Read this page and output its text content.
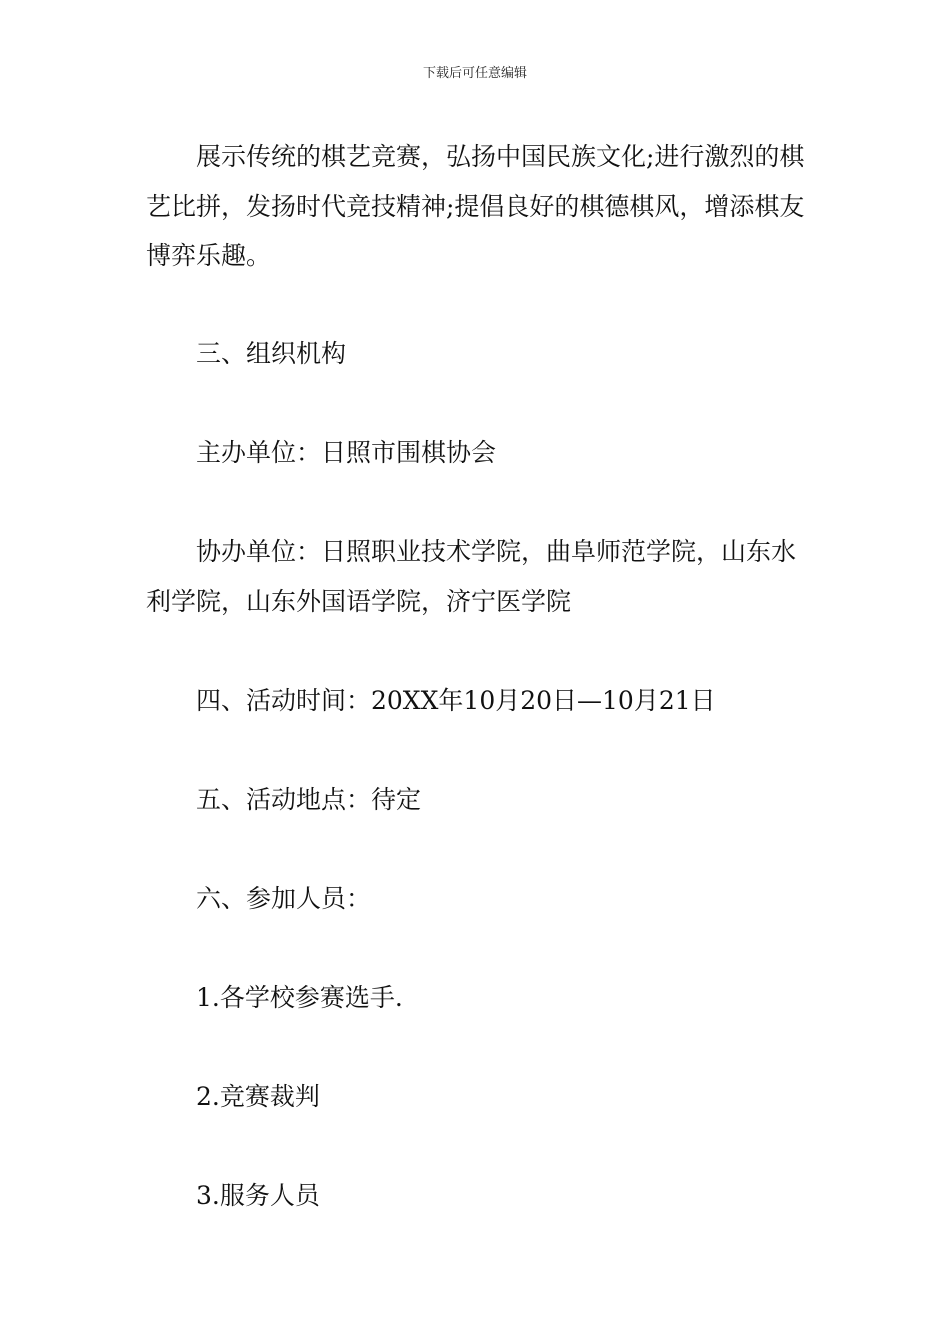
下载后可任意编辑

展示传统的棋艺竞赛，弘扬中国民族文化;进行激烈的棋艺比拼，发扬时代竞技精神;提倡良好的棋德棋风，增添棋友博弈乐趣。

三、组织机构

主办单位：日照市围棋协会

协办单位：日照职业技术学院，曲阜师范学院，山东水利学院，山东外国语学院，济宁医学院

四、活动时间：20XX年10月20日—10月21日

五、活动地点：待定

六、参加人员：

1.各学校参赛选手.

2.竞赛裁判

3.服务人员
